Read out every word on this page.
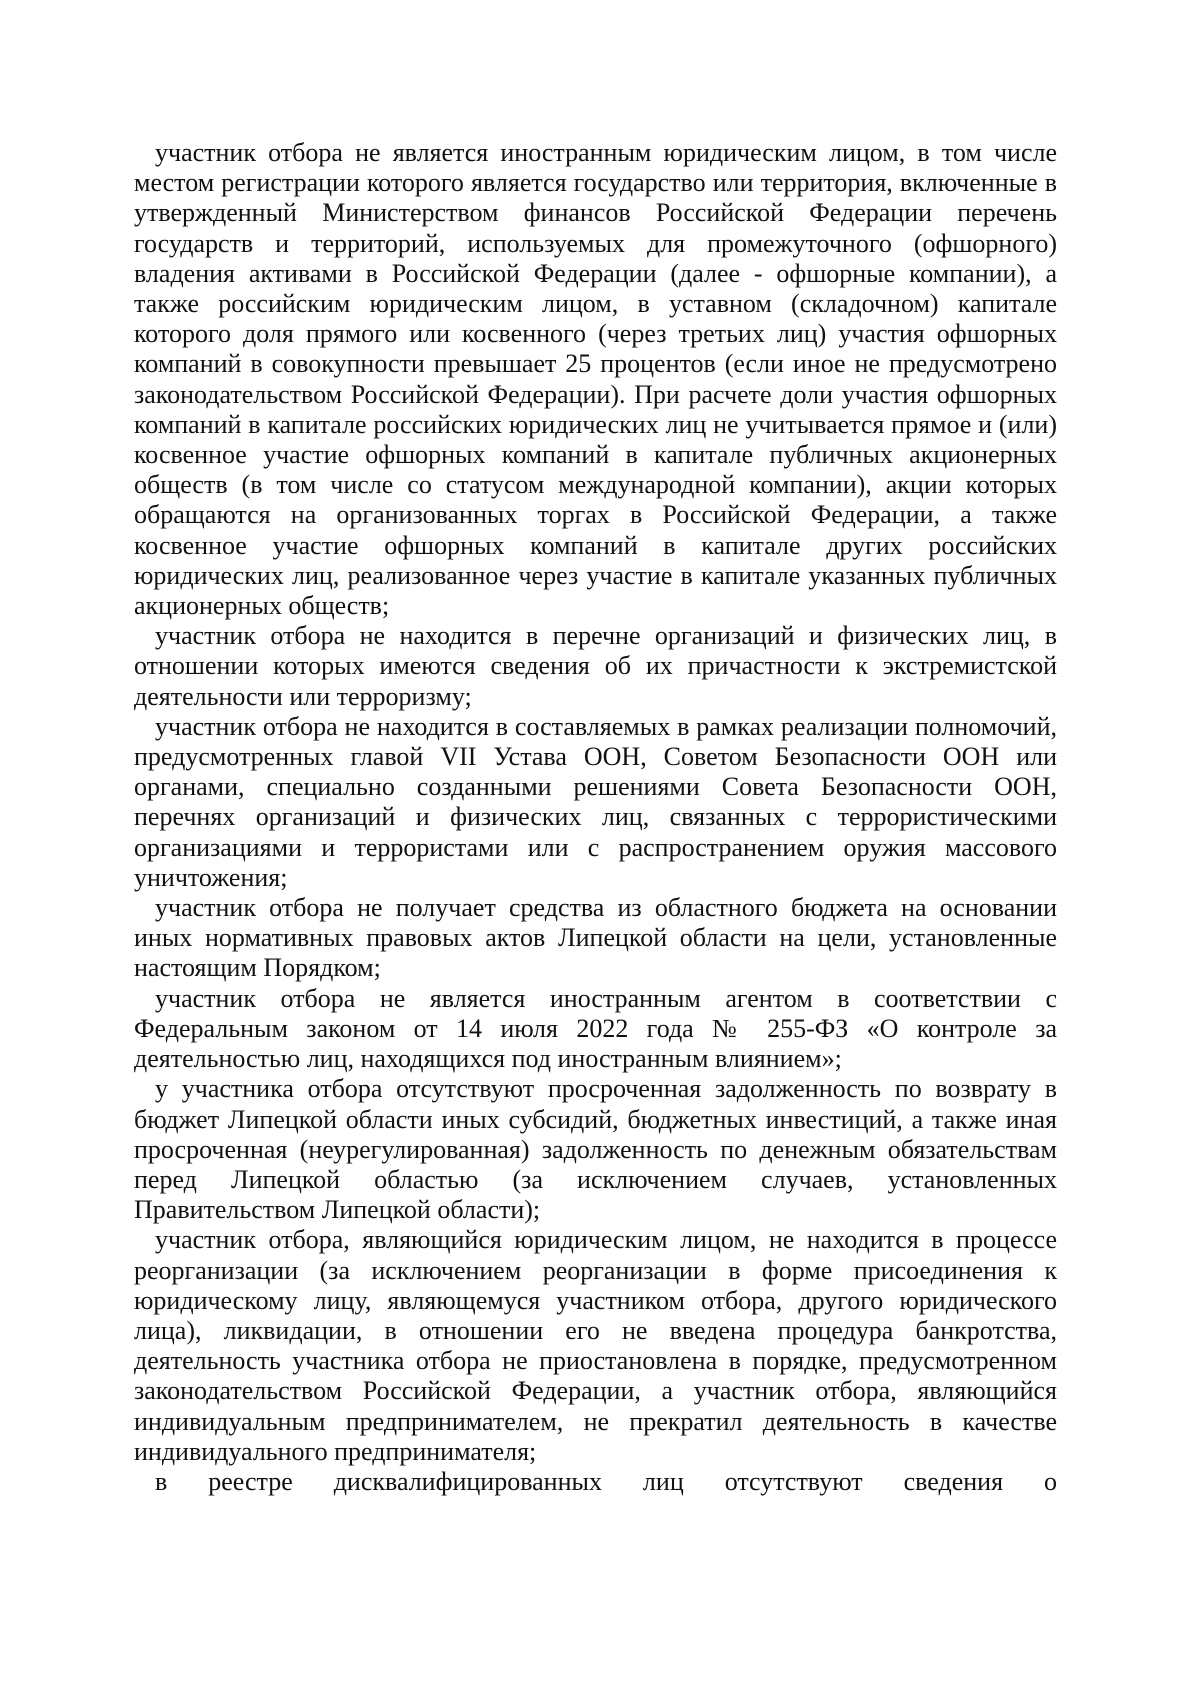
участник отбора не является иностранным юридическим лицом, в том числе местом регистрации которого является государство или территория, включенные в утвержденный Министерством финансов Российской Федерации перечень государств и территорий, используемых для промежуточного (офшорного) владения активами в Российской Федерации (далее - офшорные компании), а также российским юридическим лицом, в уставном (складочном) капитале которого доля прямого или косвенного (через третьих лиц) участия офшорных компаний в совокупности превышает 25 процентов (если иное не предусмотрено законодательством Российской Федерации). При расчете доли участия офшорных компаний в капитале российских юридических лиц не учитывается прямое и (или) косвенное участие офшорных компаний в капитале публичных акционерных обществ (в том числе со статусом международной компании), акции которых обращаются на организованных торгах в Российской Федерации, а также косвенное участие офшорных компаний в капитале других российских юридических лиц, реализованное через участие в капитале указанных публичных акционерных обществ;

участник отбора не находится в перечне организаций и физических лиц, в отношении которых имеются сведения об их причастности к экстремистской деятельности или терроризму;

участник отбора не находится в составляемых в рамках реализации полномочий, предусмотренных главой VII Устава ООН, Советом Безопасности ООН или органами, специально созданными решениями Совета Безопасности ООН, перечнях организаций и физических лиц, связанных с террористическими организациями и террористами или с распространением оружия массового уничтожения;

участник отбора не получает средства из областного бюджета на основании иных нормативных правовых актов Липецкой области на цели, установленные настоящим Порядком;

участник отбора не является иностранным агентом в соответствии с Федеральным законом от 14 июля 2022 года № 255-ФЗ «О контроле за деятельностью лиц, находящихся под иностранным влиянием»;

у участника отбора отсутствуют просроченная задолженность по возврату в бюджет Липецкой области иных субсидий, бюджетных инвестиций, а также иная просроченная (неурегулированная) задолженность по денежным обязательствам перед Липецкой областью (за исключением случаев, установленных Правительством Липецкой области);

участник отбора, являющийся юридическим лицом, не находится в процессе реорганизации (за исключением реорганизации в форме присоединения к юридическому лицу, являющемуся участником отбора, другого юридического лица), ликвидации, в отношении его не введена процедура банкротства, деятельность участника отбора не приостановлена в порядке, предусмотренном законодательством Российской Федерации, а участник отбора, являющийся индивидуальным предпринимателем, не прекратил деятельность в качестве индивидуального предпринимателя;

в реестре дисквалифицированных лиц отсутствуют сведения о
